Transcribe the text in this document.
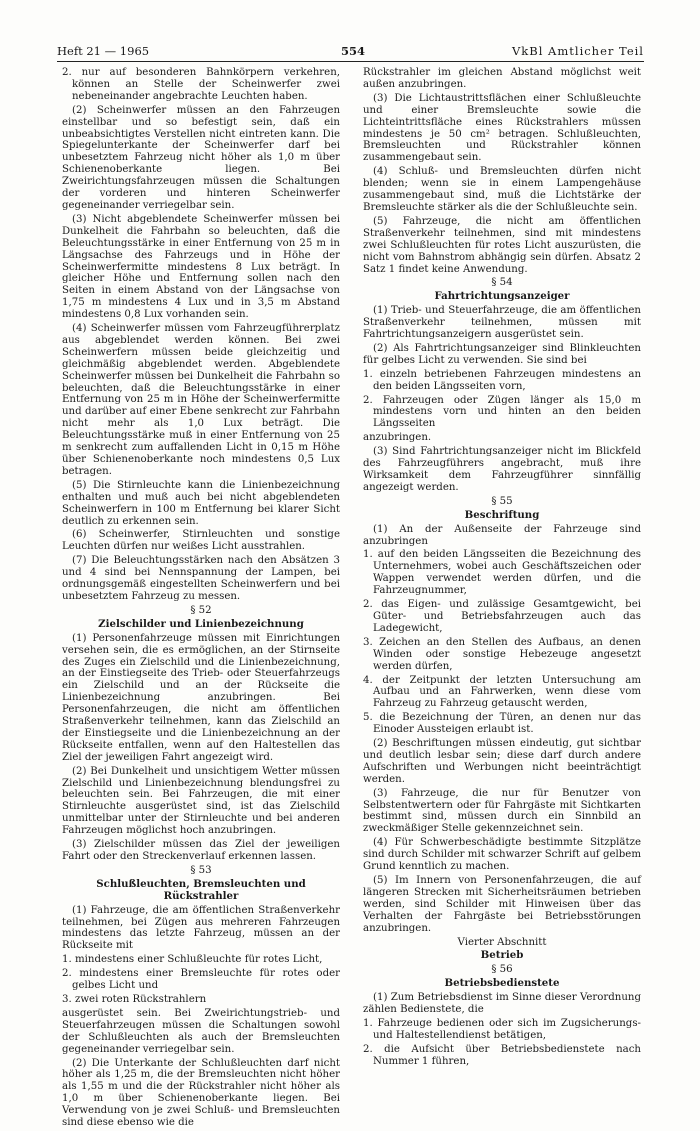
Heft 21 — 1965	554	VkBl Amtlicher Teil

2. nur auf besonderen Bahnkörpern verkehren, können an Stelle der Scheinwerfer zwei nebeneinander angebrachte Leuchten haben.

(2) Scheinwerfer müssen an den Fahrzeugen einstellbar und so befestigt sein, daß ein unbeabsichtigtes Verstellen nicht eintreten kann. Die Spiegelunterkante der Scheinwerfer darf bei unbesetztem Fahrzeug nicht höher als 1,0 m über Schienenoberkante liegen. Bei Zweirichtungsfahrzeugen müssen die Schaltungen der vorderen und hinteren Scheinwerfer gegeneinander verriegelbar sein.

(3) Nicht abgeblendete Scheinwerfer müssen bei Dunkelheit die Fahrbahn so beleuchten, daß die Beleuchtungsstärke in einer Entfernung von 25 m in Längsachse des Fahrzeugs und in Höhe der Scheinwerfermitte mindestens 8 Lux beträgt. In gleicher Höhe und Entfernung sollen nach den Seiten in einem Abstand von der Längsachse von 1,75 m mindestens 4 Lux und in 3,5 m Abstand mindestens 0,8 Lux vorhanden sein.

(4) Scheinwerfer müssen vom Fahrzeugführerplatz aus abgeblendet werden können. Bei zwei Scheinwerfern müssen beide gleichzeitig und gleichmäßig abgeblendet werden. Abgeblendete Scheinwerfer müssen bei Dunkelheit die Fahrbahn so beleuchten, daß die Beleuchtungsstärke in einer Entfernung von 25 m in Höhe der Scheinwerfermitte und darüber auf einer Ebene senkrecht zur Fahrbahn nicht mehr als 1,0 Lux beträgt. Die Beleuchtungsstärke muß in einer Entfernung von 25 m senkrecht zum auffallenden Licht in 0,15 m Höhe über Schienenoberkante noch mindestens 0,5 Lux betragen.

(5) Die Stirnleuchte kann die Linienbezeichnung enthalten und muß auch bei nicht abgeblendeten Scheinwerfern in 100 m Entfernung bei klarer Sicht deutlich zu erkennen sein.

(6) Scheinwerfer, Stirnleuchten und sonstige Leuchten dürfen nur weißes Licht ausstrahlen.

(7) Die Beleuchtungsstärken nach den Absätzen 3 und 4 sind bei Nennspannung der Lampen, bei ordnungsgemäß eingestellten Scheinwerfern und bei unbesetztem Fahrzeug zu messen.

§ 52

Zielschilder und Linienbezeichnung

(1) Personenfahrzeuge müssen mit Einrichtungen versehen sein, die es ermöglichen, an der Stirnseite des Zuges ein Zielschild und die Linienbezeichnung, an der Einstiegseite des Trieb- oder Steuerfahrzeugs ein Zielschild und an der Rückseite die Linienbezeichnung anzubringen. Bei Personenfahrzeugen, die nicht am öffentlichen Straßenverkehr teilnehmen, kann das Zielschild an der Einstiegseite und die Linienbezeichnung an der Rückseite entfallen, wenn auf den Haltestellen das Ziel der jeweiligen Fahrt angezeigt wird.

(2) Bei Dunkelheit und unsichtigem Wetter müssen Zielschild und Linienbezeichnung blendungsfrei zu beleuchten sein. Bei Fahrzeugen, die mit einer Stirnleuchte ausgerüstet sind, ist das Zielschild unmittelbar unter der Stirnleuchte und bei anderen Fahrzeugen möglichst hoch anzubringen.

(3) Zielschilder müssen das Ziel der jeweiligen Fahrt oder den Streckenverlauf erkennen lassen.

§ 53

Schlußleuchten, Bremsleuchten und Rückstrahler

(1) Fahrzeuge, die am öffentlichen Straßenverkehr teilnehmen, bei Zügen aus mehreren Fahrzeugen mindestens das letzte Fahrzeug, müssen an der Rückseite mit

1. mindestens einer Schlußleuchte für rotes Licht,

2. mindestens einer Bremsleuchte für rotes oder gelbes Licht und

3. zwei roten Rückstrahlern

ausgerüstet sein. Bei Zweirichtungstrieb- und Steuerfahrzeugen müssen die Schaltungen sowohl der Schlußleuchten als auch der Bremsleuchten gegeneinander verriegelbar sein.

(2) Die Unterkante der Schlußleuchten darf nicht höher als 1,25 m, die der Bremsleuchten nicht höher als 1,55 m und die der Rückstrahler nicht höher als 1,0 m über Schienenoberkante liegen. Bei Verwendung von je zwei Schluß- und Bremsleuchten sind diese ebenso wie die

Rückstrahler im gleichen Abstand möglichst weit außen anzubringen.

(3) Die Lichtaustrittsflächen einer Schlußleuchte und einer Bremsleuchte sowie die Lichteintrittsfläche eines Rückstrahlers müssen mindestens je 50 cm² betragen. Schlußleuchten, Bremsleuchten und Rückstrahler können zusammengebaut sein.

(4) Schluß- und Bremsleuchten dürfen nicht blenden; wenn sie in einem Lampengehäuse zusammengebaut sind, muß die Lichtstärke der Bremsleuchte stärker als die der Schlußleuchte sein.

(5) Fahrzeuge, die nicht am öffentlichen Straßenverkehr teilnehmen, sind mit mindestens zwei Schlußleuchten für rotes Licht auszurüsten, die nicht vom Bahnstrom abhängig sein dürfen. Absatz 2 Satz 1 findet keine Anwendung.

§ 54

Fahrtrichtungsanzeiger

(1) Trieb- und Steuerfahrzeuge, die am öffentlichen Straßenverkehr teilnehmen, müssen mit Fahrtrichtungsanzeigern ausgerüstet sein.

(2) Als Fahrtrichtungsanzeiger sind Blinkleuchten für gelbes Licht zu verwenden. Sie sind bei

1. einzeln betriebenen Fahrzeugen mindestens an den beiden Längsseiten vorn,

2. Fahrzeugen oder Zügen länger als 15,0 m mindestens vorn und hinten an den beiden Längsseiten

anzubringen.

(3) Sind Fahrtrichtungsanzeiger nicht im Blickfeld des Fahrzeugführers angebracht, muß ihre Wirksamkeit dem Fahrzeugführer sinnfällig angezeigt werden.

§ 55

Beschriftung

(1) An der Außenseite der Fahrzeuge sind anzubringen

1. auf den beiden Längsseiten die Bezeichnung des Unternehmers, wobei auch Geschäftszeichen oder Wappen verwendet werden dürfen, und die Fahrzeugnummer,

2. das Eigen- und zulässige Gesamtgewicht, bei Güter- und Betriebsfahrzeugen auch das Ladegewicht,

3. Zeichen an den Stellen des Aufbaus, an denen Winden oder sonstige Hebezeuge angesetzt werden dürfen,

4. der Zeitpunkt der letzten Untersuchung am Aufbau und an Fahrwerken, wenn diese vom Fahrzeug zu Fahrzeug getauscht werden,

5. die Bezeichnung der Türen, an denen nur das Einoder Aussteigen erlaubt ist.

(2) Beschriftungen müssen eindeutig, gut sichtbar und deutlich lesbar sein; diese darf durch andere Aufschriften und Werbungen nicht beeinträchtigt werden.

(3) Fahrzeuge, die nur für Benutzer von Selbstentwertern oder für Fahrgäste mit Sichtkarten bestimmt sind, müssen durch ein Sinnbild an zweckmäßiger Stelle gekennzeichnet sein.

(4) Für Schwerbeschädigte bestimmte Sitzplätze sind durch Schilder mit schwarzer Schrift auf gelbem Grund kenntlich zu machen.

(5) Im Innern von Personenfahrzeugen, die auf längeren Strecken mit Sicherheitsräumen betrieben werden, sind Schilder mit Hinweisen über das Verhalten der Fahrgäste bei Betriebsstörungen anzubringen.

Vierter Abschnitt

Betrieb

§ 56

Betriebsbedienstete

(1) Zum Betriebsdienst im Sinne dieser Verordnung zählen Bedienstete, die

1. Fahrzeuge bedienen oder sich im Zugsicherungs- und Haltestellendienst betätigen,

2. die Aufsicht über Betriebsbedienstete nach Nummer 1 führen,
